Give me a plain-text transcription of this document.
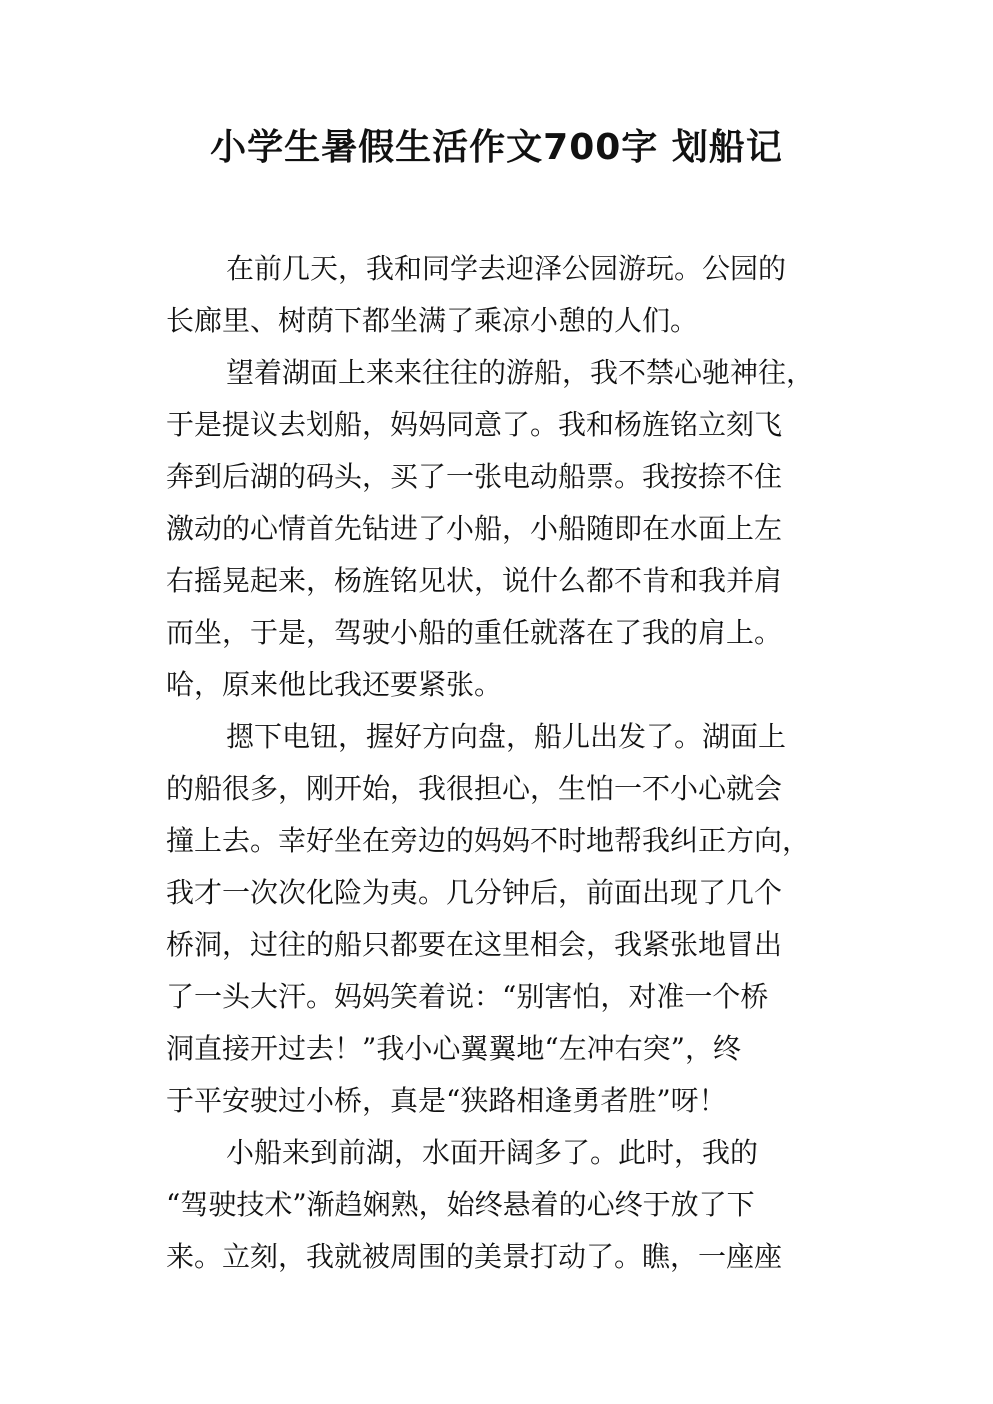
小学生暑假生活作文700字 划船记
在前几天，我和同学去迎泽公园游玩。公园的
长廊里、树荫下都坐满了乘凉小憩的人们。
望着湖面上来来往往的游船，我不禁心驰神往，
于是提议去划船，妈妈同意了。我和杨旌铭立刻飞
奔到后湖的码头，买了一张电动船票。我按捺不住
激动的心情首先钻进了小船，小船随即在水面上左
右摇晃起来，杨旌铭见状，说什么都不肯和我并肩
而坐，于是，驾驶小船的重任就落在了我的肩上。
哈，原来他比我还要紧张。
摁下电钮，握好方向盘，船儿出发了。湖面上
的船很多，刚开始，我很担心，生怕一不小心就会
撞上去。幸好坐在旁边的妈妈不时地帮我纠正方向，
我才一次次化险为夷。几分钟后，前面出现了几个
桥洞，过往的船只都要在这里相会，我紧张地冒出
了一头大汗。妈妈笑着说：“别害怕，对准一个桥
洞直接开过去！”我小心翼翼地“左冲右突”，终
于平安驶过小桥，真是“狭路相逢勇者胜”呀！
小船来到前湖，水面开阔多了。此时，我的
“驾驶技术”渐趋娴熟，始终悬着的心终于放了下
来。立刻，我就被周围的美景打动了。瞧，一座座
